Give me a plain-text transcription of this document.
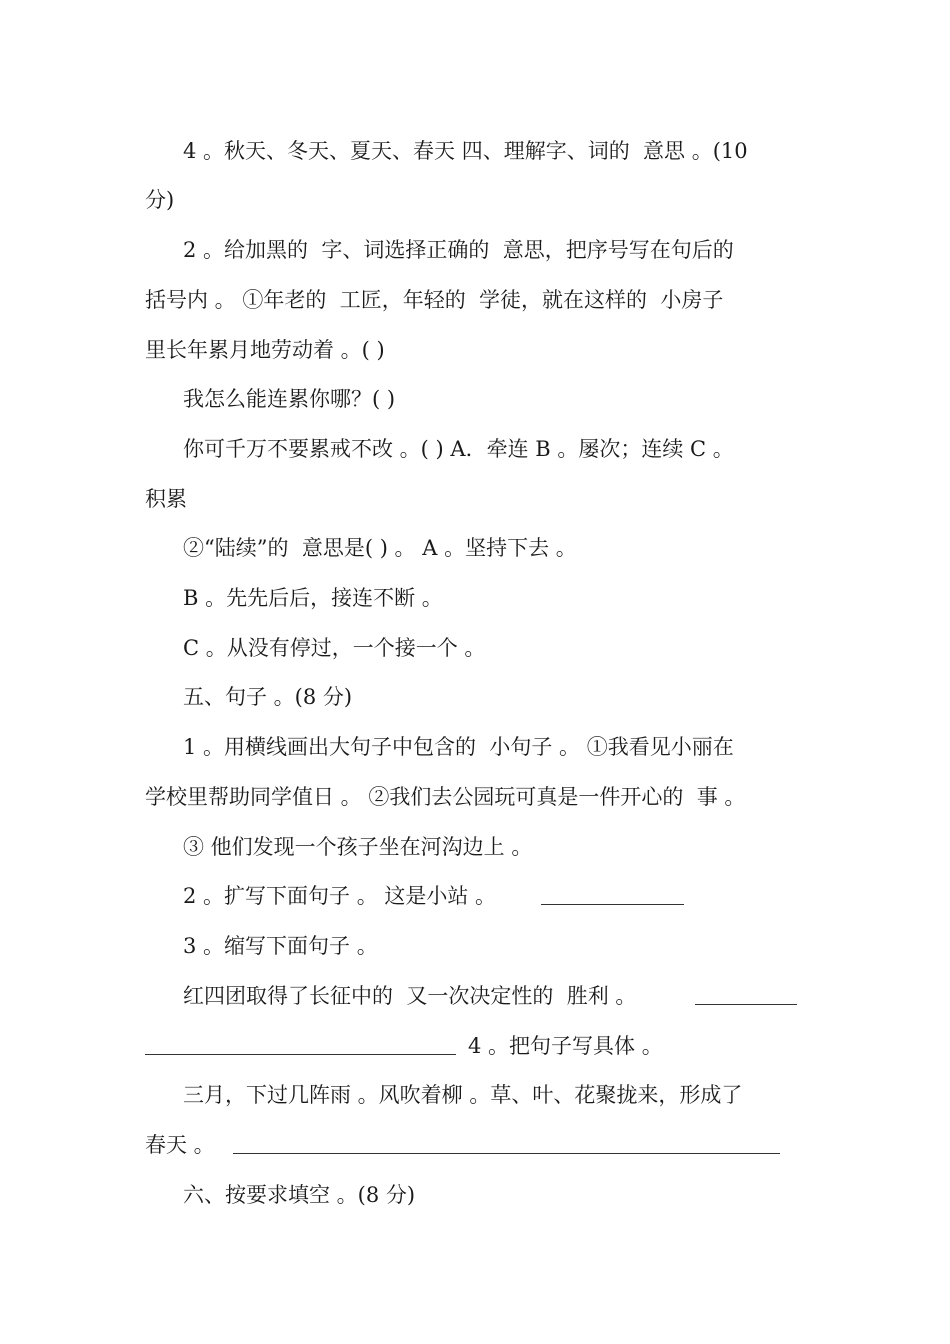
4 。秋天、冬天、夏天、春天 四、理解字、词的  意思 。(10

分)

2 。给加黑的  字、词选择正确的  意思，把序号写在句后的

括号内 。 ①年老的  工匠，年轻的  学徒，就在这样的  小房子

里长年累月地劳动着 。( )

我怎么能连累你哪？( )

你可千万不要累戒不改 。( ) A．牵连 B 。屡次；连续 C 。

积累

②“陆续”的  意思是( ) 。 A 。坚持下去 。

B 。先先后后，接连不断 。

C 。从没有停过，一个接一个 。

五、句子 。(8 分)

1 。用横线画出大句子中包含的  小句子 。 ①我看见小丽在

学校里帮助同学值日 。 ②我们去公园玩可真是一件开心的  事 。

③ 他们发现一个孩子坐在河沟边上 。

2 。扩写下面句子 。 这是小站 。

3 。缩写下面句子 。

红四团取得了长征中的  又一次决定性的  胜利 。

4 。把句子写具体 。

三月，下过几阵雨 。风吹着柳 。草、叶、花聚拢来，形成了

春天 。

六、按要求填空 。(8 分)
